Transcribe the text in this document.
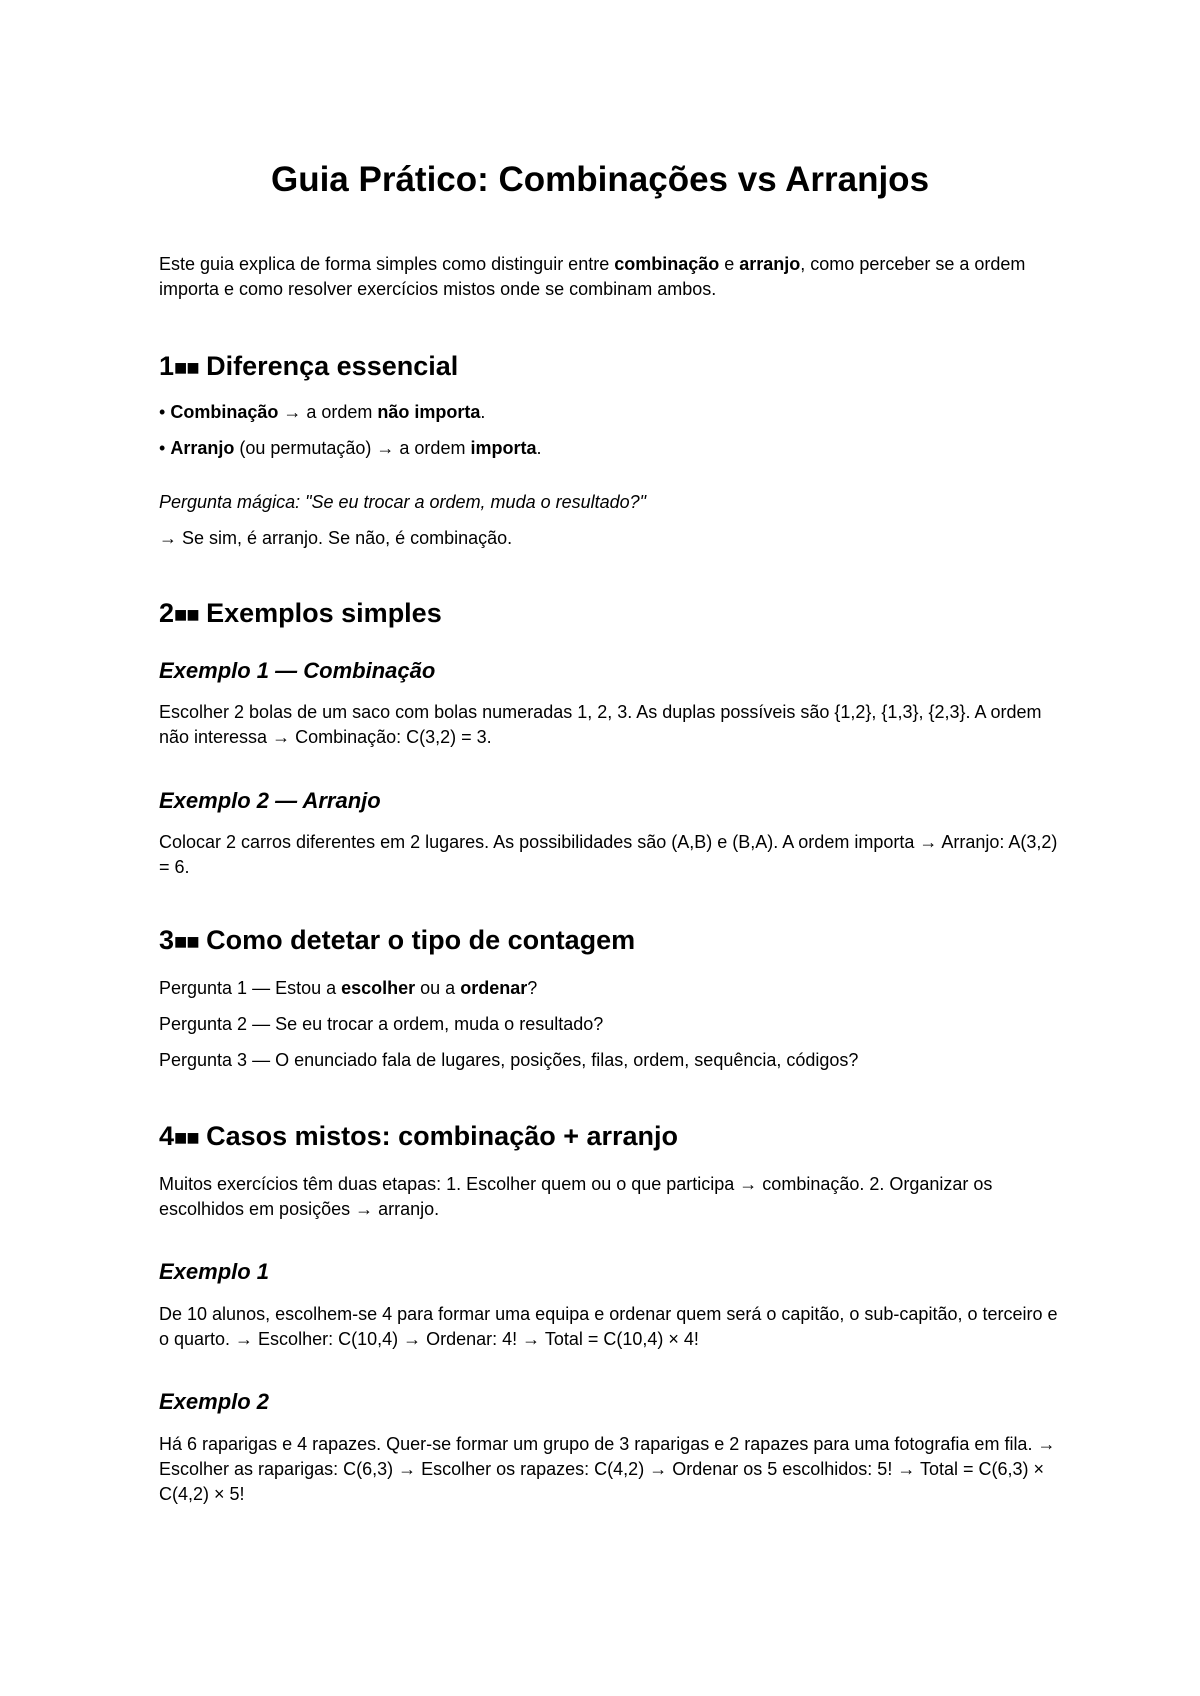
Guia Prático: Combinações vs Arranjos

Este guia explica de forma simples como distinguir entre combinação e arranjo, como perceber se a ordem importa e como resolver exercícios mistos onde se combinam ambos.

1■■ Diferença essencial

• Combinação → a ordem não importa.

• Arranjo (ou permutação) → a ordem importa.

Pergunta mágica: "Se eu trocar a ordem, muda o resultado?"

→ Se sim, é arranjo. Se não, é combinação.

2■■ Exemplos simples
Exemplo 1 — Combinação

Escolher 2 bolas de um saco com bolas numeradas 1, 2, 3. As duplas possíveis são {1,2}, {1,3}, {2,3}. A ordem não interessa → Combinação: C(3,2) = 3.

Exemplo 2 — Arranjo

Colocar 2 carros diferentes em 2 lugares. As possibilidades são (A,B) e (B,A). A ordem importa → Arranjo: A(3,2) = 6.

3■■ Como detetar o tipo de contagem

Pergunta 1 — Estou a escolher ou a ordenar?

Pergunta 2 — Se eu trocar a ordem, muda o resultado?

Pergunta 3 — O enunciado fala de lugares, posições, filas, ordem, sequência, códigos?

4■■ Casos mistos: combinação + arranjo

Muitos exercícios têm duas etapas: 1. Escolher quem ou o que participa → combinação. 2. Organizar os escolhidos em posições → arranjo.

Exemplo 1

De 10 alunos, escolhem-se 4 para formar uma equipa e ordenar quem será o capitão, o sub-capitão, o terceiro e o quarto. → Escolher: C(10,4) → Ordenar: 4! → Total = C(10,4) × 4!

Exemplo 2

Há 6 raparigas e 4 rapazes. Quer-se formar um grupo de 3 raparigas e 2 rapazes para uma fotografia em fila. → Escolher as raparigas: C(6,3) → Escolher os rapazes: C(4,2) → Ordenar os 5 escolhidos: 5! → Total = C(6,3) × C(4,2) × 5!
